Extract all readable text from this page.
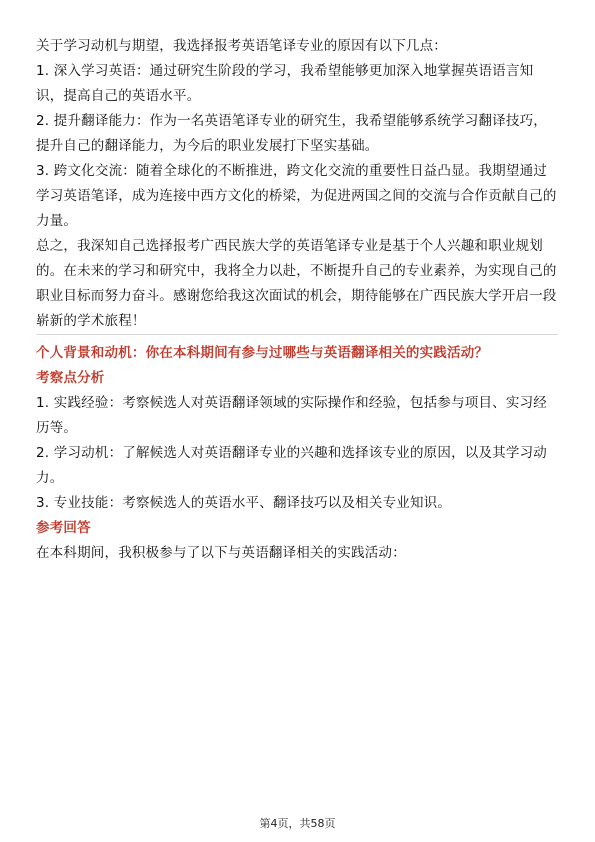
关于学习动机与期望，我选择报考英语笔译专业的原因有以下几点：

1. 深入学习英语：通过研究生阶段的学习，我希望能够更加深入地掌握英语语言知识，提高自己的英语水平。

2. 提升翻译能力：作为一名英语笔译专业的研究生，我希望能够系统学习翻译技巧，提升自己的翻译能力，为今后的职业发展打下坚实基础。

3. 跨文化交流：随着全球化的不断推进，跨文化交流的重要性日益凸显。我期望通过学习英语笔译，成为连接中西方文化的桥梁，为促进两国之间的交流与合作贡献自己的力量。

总之，我深知自己选择报考广西民族大学的英语笔译专业是基于个人兴趣和职业规划的。在未来的学习和研究中，我将全力以赴，不断提升自己的专业素养，为实现自己的职业目标而努力奋斗。感谢您给我这次面试的机会，期待能够在广西民族大学开启一段崭新的学术旅程！

个人背景和动机：你在本科期间有参与过哪些与英语翻译相关的实践活动？

考察点分析

1. 实践经验：考察候选人对英语翻译领域的实际操作和经验，包括参与项目、实习经历等。

2. 学习动机：了解候选人对英语翻译专业的兴趣和选择该专业的原因，以及其学习动力。

3. 专业技能：考察候选人的英语水平、翻译技巧以及相关专业知识。

参考回答

在本科期间，我积极参与了以下与英语翻译相关的实践活动：

第4页，共58页
